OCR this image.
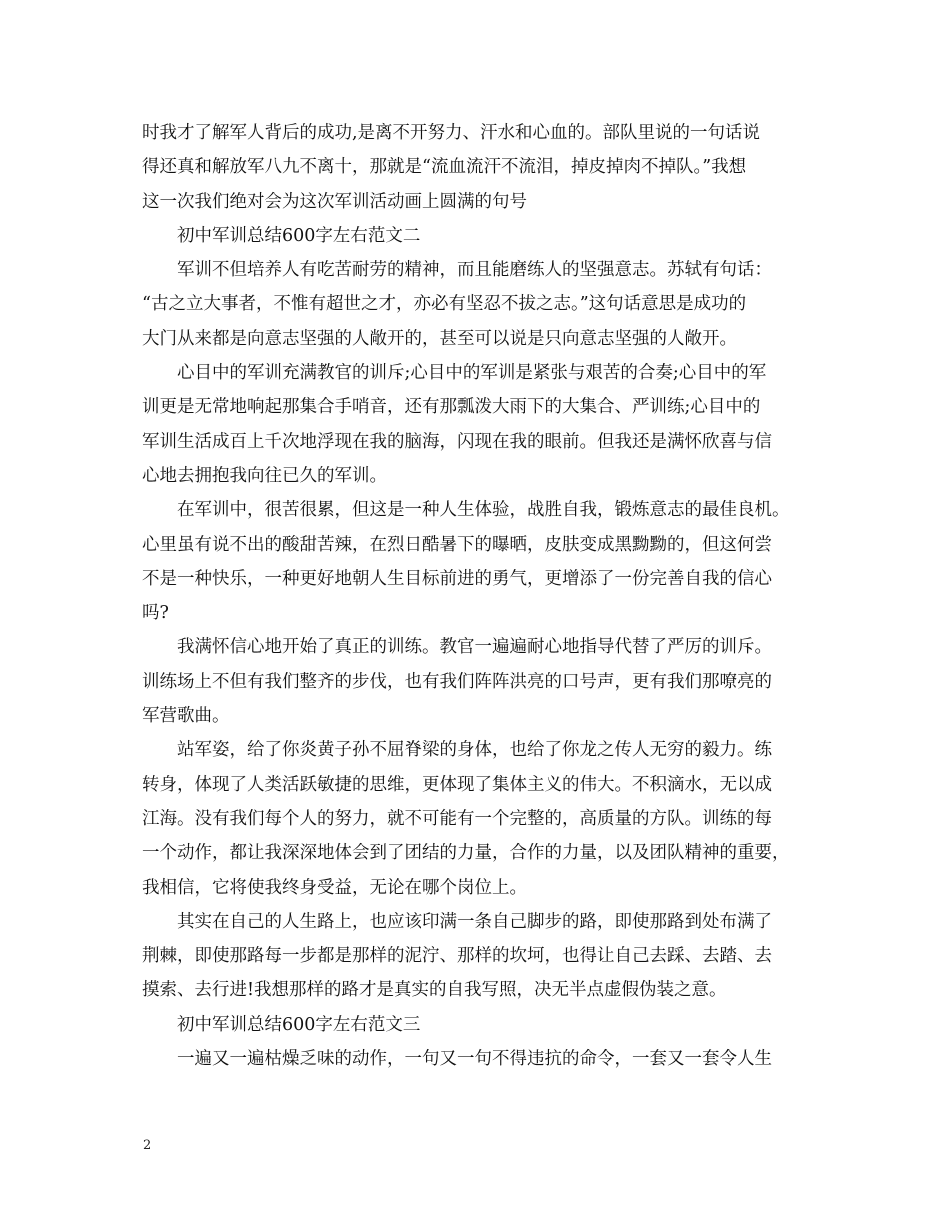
时我才了解军人背后的成功,是离不开努力、汗水和心血的。部队里说的一句话说
得还真和解放军八九不离十，那就是“流血流汗不流泪，掉皮掉肉不掉队。”我想
这一次我们绝对会为这次军训活动画上圆满的句号
初中军训总结600字左右范文二
军训不但培养人有吃苦耐劳的精神，而且能磨练人的坚强意志。苏轼有句话：
“古之立大事者，不惟有超世之才，亦必有坚忍不拔之志。”这句话意思是成功的
大门从来都是向意志坚强的人敞开的，甚至可以说是只向意志坚强的人敞开。
心目中的军训充满教官的训斥;心目中的军训是紧张与艰苦的合奏;心目中的军
训更是无常地响起那集合手哨音，还有那瓢泼大雨下的大集合、严训练;心目中的
军训生活成百上千次地浮现在我的脑海，闪现在我的眼前。但我还是满怀欣喜与信
心地去拥抱我向往已久的军训。
在军训中，很苦很累，但这是一种人生体验，战胜自我，锻炼意志的最佳良机。
心里虽有说不出的酸甜苦辣，在烈日酷暑下的曝晒，皮肤变成黑黝黝的，但这何尝
不是一种快乐，一种更好地朝人生目标前进的勇气，更增添了一份完善自我的信心
吗?
我满怀信心地开始了真正的训练。教官一遍遍耐心地指导代替了严厉的训斥。
训练场上不但有我们整齐的步伐，也有我们阵阵洪亮的口号声，更有我们那嘹亮的
军营歌曲。
站军姿，给了你炎黄子孙不屈脊梁的身体，也给了你龙之传人无穷的毅力。练
转身，体现了人类活跃敏捷的思维，更体现了集体主义的伟大。不积滴水，无以成
江海。没有我们每个人的努力，就不可能有一个完整的，高质量的方队。训练的每
一个动作，都让我深深地体会到了团结的力量，合作的力量，以及团队精神的重要，
我相信，它将使我终身受益，无论在哪个岗位上。
其实在自己的人生路上，也应该印满一条自己脚步的路，即使那路到处布满了
荆棘，即使那路每一步都是那样的泥泞、那样的坎坷，也得让自己去踩、去踏、去
摸索、去行进!我想那样的路才是真实的自我写照，决无半点虚假伪装之意。
初中军训总结600字左右范文三
一遍又一遍枯燥乏味的动作，一句又一句不得违抗的命令，一套又一套令人生
2
